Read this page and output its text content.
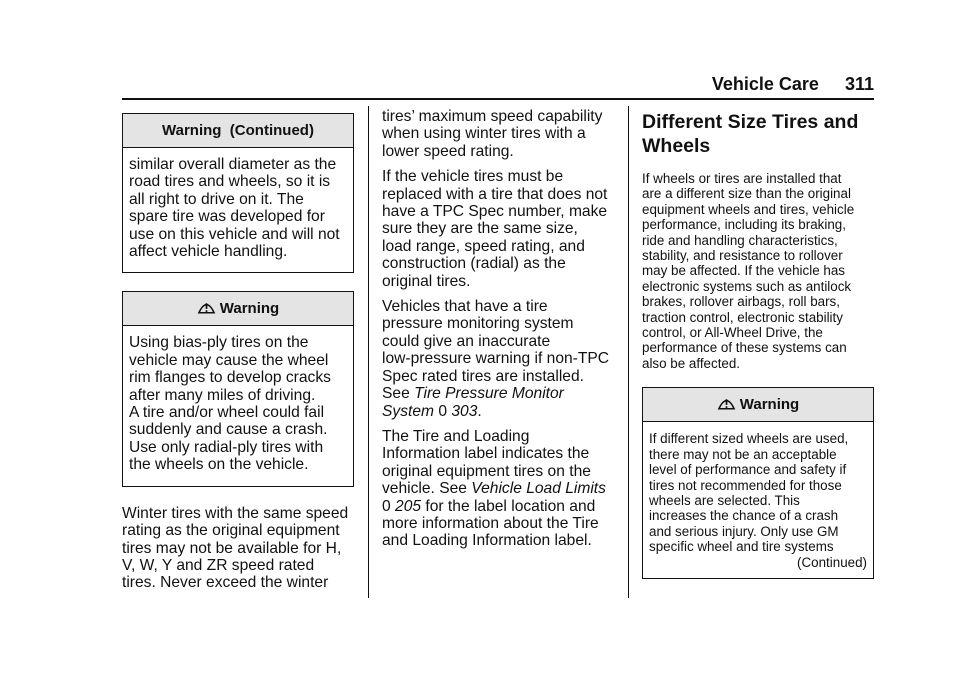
Vehicle Care 311
Warning  (Continued)

similar overall diameter as the

road tires and wheels, so it is

all right to drive on it. The

spare tire was developed for

use on this vehicle and will not

affect vehicle handling.

Warning

Using bias-ply tires on the

vehicle may cause the wheel

rim flanges to develop cracks

after many miles of driving.

A tire and/or wheel could fail

suddenly and cause a crash.

Use only radial-ply tires with

the wheels on the vehicle.

Winter tires with the same speed

rating as the original equipment

tires may not be available for H,

V, W, Y and ZR speed rated

tires. Never exceed the winter

tires’ maximum speed capability

when using winter tires with a

lower speed rating.

If the vehicle tires must be

replaced with a tire that does not

have a TPC Spec number, make

sure they are the same size,

load range, speed rating, and

construction (radial) as the

original tires.

Vehicles that have a tire

pressure monitoring system

could give an inaccurate

low-pressure warning if non-TPC

Spec rated tires are installed.

See Tire Pressure Monitor

System 0 303.

The Tire and Loading

Information label indicates the

original equipment tires on the

vehicle. See Vehicle Load Limits

0 205 for the label location and

more information about the Tire

and Loading Information label.

Different Size Tires and
Wheels

If wheels or tires are installed that

are a different size than the original

equipment wheels and tires, vehicle

performance, including its braking,

ride and handling characteristics,

stability, and resistance to rollover

may be affected. If the vehicle has

electronic systems such as antilock

brakes, rollover airbags, roll bars,

traction control, electronic stability

control, or All-Wheel Drive, the

performance of these systems can

also be affected.

Warning

If different sized wheels are used,

there may not be an acceptable

level of performance and safety if

tires not recommended for those

wheels are selected. This

increases the chance of a crash

and serious injury. Only use GM

specific wheel and tire systems

(Continued)
